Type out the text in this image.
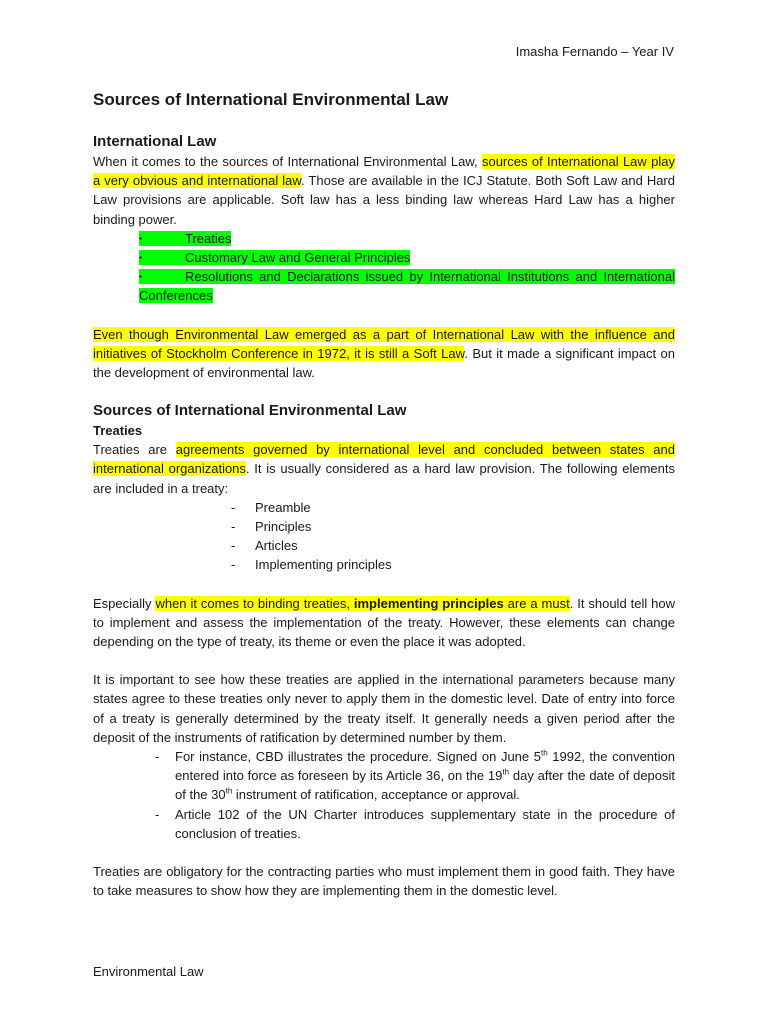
Imasha Fernando – Year IV
Sources of International Environmental Law
International Law

When it comes to the sources of International Environmental Law, sources of International Law play a very obvious and international law. Those are available in the ICJ Statute. Both Soft Law and Hard Law provisions are applicable. Soft law has a less binding law whereas Hard Law has a higher binding power.

▪	Treaties
▪	Customary Law and General Principles
▪	Resolutions and Declarations issued by International Institutions and International Conferences

Even though Environmental Law emerged as a part of International Law with the influence and initiatives of Stockholm Conference in 1972, it is still a Soft Law. But it made a significant impact on the development of environmental law.

Sources of International Environmental Law
Treaties

Treaties are agreements governed by international level and concluded between states and international organizations. It is usually considered as a hard law provision. The following elements are included in a treaty:

- Preamble
- Principles
- Articles
- Implementing principles

Especially when it comes to binding treaties, implementing principles are a must. It should tell how to implement and assess the implementation of the treaty. However, these elements can change depending on the type of treaty, its theme or even the place it was adopted.

It is important to see how these treaties are applied in the international parameters because many states agree to these treaties only never to apply them in the domestic level. Date of entry into force of a treaty is generally determined by the treaty itself. It generally needs a given period after the deposit of the instruments of ratification by determined number by them.

- For instance, CBD illustrates the procedure. Signed on June 5th 1992, the convention entered into force as foreseen by its Article 36, on the 19th day after the date of deposit of the 30th instrument of ratification, acceptance or approval.
- Article 102 of the UN Charter introduces supplementary state in the procedure of conclusion of treaties.

Treaties are obligatory for the contracting parties who must implement them in good faith. They have to take measures to show how they are implementing them in the domestic level.

Environmental Law
